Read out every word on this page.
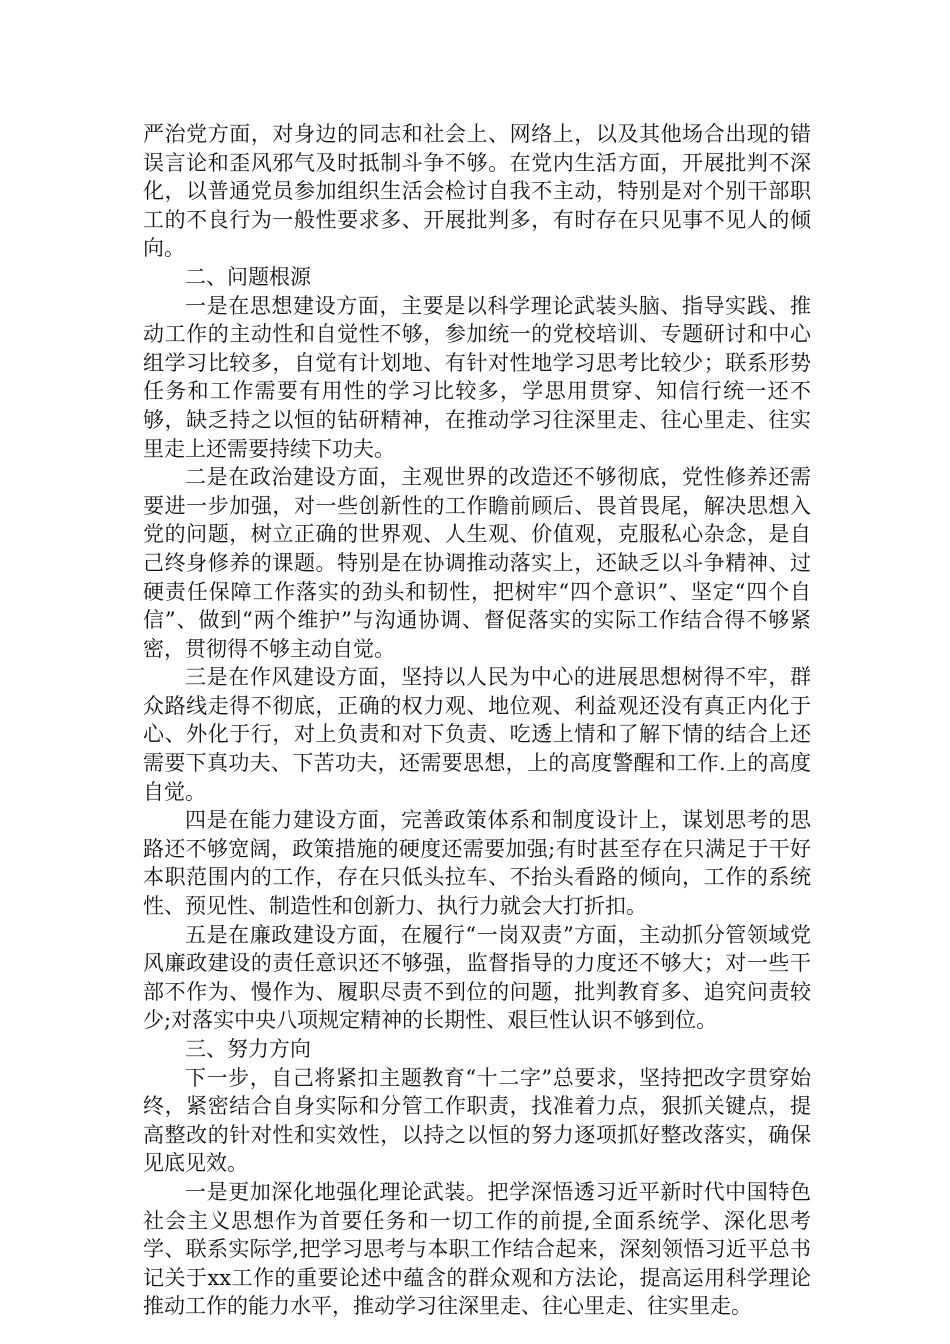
严治党方面，对身边的同志和社会上、网络上，以及其他场合出现的错误言论和歪风邪气及时抵制斗争不够。在党内生活方面，开展批判不深化，以普通党员参加组织生活会检讨自我不主动，特别是对个别干部职工的不良行为一般性要求多、开展批判多，有时存在只见事不见人的倾向。

二、问题根源

一是在思想建设方面，主要是以科学理论武装头脑、指导实践、推动工作的主动性和自觉性不够，参加统一的党校培训、专题研讨和中心组学习比较多，自觉有计划地、有针对性地学习思考比较少；联系形势任务和工作需要有用性的学习比较多，学思用贯穿、知信行统一还不够，缺乏持之以恒的钻研精神，在推动学习往深里走、往心里走、往实里走上还需要持续下功夫。

二是在政治建设方面，主观世界的改造还不够彻底，党性修养还需要进一步加强，对一些创新性的工作瞻前顾后、畏首畏尾，解决思想入党的问题，树立正确的世界观、人生观、价值观，克服私心杂念，是自己终身修养的课题。特别是在协调推动落实上，还缺乏以斗争精神、过硬责任保障工作落实的劲头和韧性，把树牢“四个意识”、坚定“四个自信”、做到“两个维护”与沟通协调、督促落实的实际工作结合得不够紧密，贯彻得不够主动自觉。

三是在作风建设方面，坚持以人民为中心的进展思想树得不牢，群众路线走得不彻底，正确的权力观、地位观、利益观还没有真正内化于心、外化于行，对上负责和对下负责、吃透上情和了解下情的结合上还需要下真功夫、下苦功夫，还需要思想，上的高度警醒和工作.上的高度自觉。

四是在能力建设方面，完善政策体系和制度设计上，谋划思考的思路还不够宽阔，政策措施的硬度还需要加强;有时甚至存在只满足于干好本职范围内的工作，存在只低头拉车、不抬头看路的倾向，工作的系统性、预见性、制造性和创新力、执行力就会大打折扣。

五是在廉政建设方面，在履行“一岗双责”方面，主动抓分管领域党风廉政建设的责任意识还不够强，监督指导的力度还不够大；对一些干部不作为、慢作为、履职尽责不到位的问题，批判教育多、追究问责较少;对落实中央八项规定精神的长期性、艰巨性认识不够到位。

三、努力方向

下一步，自己将紧扣主题教育“十二字”总要求，坚持把改字贯穿始终，紧密结合自身实际和分管工作职责，找准着力点，狠抓关键点，提高整改的针对性和实效性，以持之以恒的努力逐项抓好整改落实，确保见底见效。

一是更加深化地强化理论武装。把学深悟透习近平新时代中国特色社会主义思想作为首要任务和一切工作的前提,全面系统学、深化思考学、联系实际学,把学习思考与本职工作结合起来，深刻领悟习近平总书记关于xx工作的重要论述中蕴含的群众观和方法论，提高运用科学理论推动工作的能力水平，推动学习往深里走、往心里走、往实里走。
